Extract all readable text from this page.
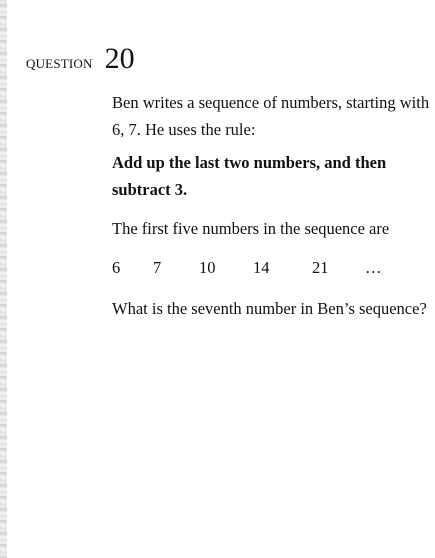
QUESTION 20

Ben writes a sequence of numbers, starting with 6, 7. He uses the rule:

Add up the last two numbers, and then subtract 3.

The first five numbers in the sequence are

6 7 10 14	21 …

What is the seventh number in Ben’s sequence?
